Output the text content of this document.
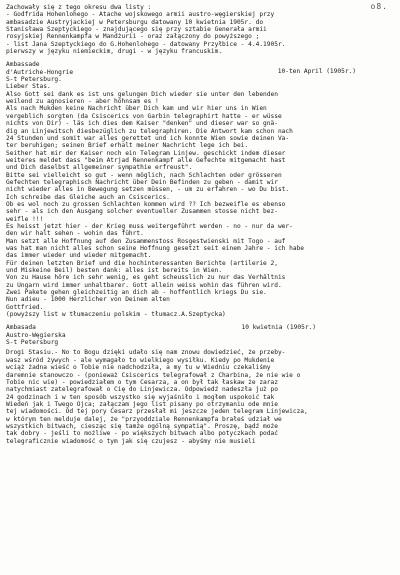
o8.
Zachowały się z tego okresu dwa listy :
- Godfrida Hohenlohego - Atache wojskowego armii austro-węgierskiej przy
ambasadzie Austryjackiej w Petersburgu datowany 10 kwietnia 1905r. do
Stanisława Szeptyckiego - znajdującego się przy sztabie Generała armii
rosyjskiej Rennenkampfa w Mandżurii - oraz załączony do powyższego ;
- list Jana Szeptyckiego do G.Hohenlohego - datowany Przyłbice - 4.4.1905r.
pierwszy w języku niemieckim, drugi - w języku francuskim.
Ambassade
d'Autriche-Hongrie
S-t Petersburg.
10-ten April (1905r.)
Lieber Stas.
Also Gott sei dank es ist uns gelungen Dich wieder sie unter den lebenden
weilend zu agnosieren - aber höhnsam es !
Als nach Mukden keine Nachricht über Dich kam und wir hier uns in Wien
vergeblich sorgten (da Csiscerics von Garbin telegraphirt hatte - er wüsse
nichts von Dir) - läs ich dies dem Kaiser "denken" und dieser war so gnä-
dig an Linjewitsch diesbezüglich zu telegraphiren. Die Antwort kam schon nach
24 Stunden und somit war alles gerettet und ich konnte Wien sowie deinen Va-
ter beruhigen; seinen Brief erhalt meiner Nachricht lege ich bei.
Seither hat mir der Kaiser noch ein Telegram Linjew. geschickt indem dieser
weiteres meldet dass "beim Atrjad Rennenkampf alle Gefechte mitgemacht hast
und Dich daselbst allgemeiner sympathie erfreust".
Bitte sei vielleicht so gut - wenn möglich, nach Schlachten oder grösseren
Gefechten telegraphisch Nachricht über Dein Befinden zu geben - damit wir
nicht wieder alles in Bewegung setzen müssen, - um zu erfahren - wo Du bist.
Ich schreibe das Gleiche auch an Csiscerics.
Ob es wol noch zu grossen Schlachten kommen wird ?? Ich bezweifle es ebenso
sehr - als ich den Ausgang solcher eventueller Zusammen stosse nicht bez-
weifle !!!
Es heisst jetzt hier - der Krieg muss weitergeführt werden - no - nur da wer-
den wir halt sehen - wohin das führt.
Man setzt alle Hoffnung auf den Zusammenstoss Rosgestwienski mit Togo - auf
was hat man nicht alles schon seine Hoffnung gesetzt seit einem Jahre - ich habe
das immer wieder und wieder mitgemacht.
Für deinen letzten Brief und die hochinteressanten Berichte (artilerie 2,
und Miskeine Beil) besten dank: alles ist bereits in Wien.
Von zu Hause höre ich sehr wenig, es geht scheusslich zu nur das Verhältnis
zu Ungarn wird immer unhaltbarer. Gott allein weiss wohin das führen wird.
Zwei Pakete gehen gleichzeitig an dich ab - hoffentlich kriegs Du sie.
Nun adieu - 1000 Herzlicher von Deinem alten
Gottfried.
(powyższy list w tłumaczeniu polskim - tłumacz.A.Szeptycka)
Ambasada
Austro-Węgierska
S-t Petersburg
10 kwietnia (1905r.)
Drogi Stasiu.- No to Bogu dzięki udało się nam znowu dowiedzieć, że przeby-
wasz wśród żywych - ale wymagało to wielkiego wysiłku. Kiedy po Mukdenie
wciąż żadna wieść o Tobie nie nadchodziła, a my tu w Wiedniu czekaliśmy
daremnie stanowczo - (ponieważ Csiscerics telegrafował z Charbina, że nie wie o
Tobie nic wie) - powiedziałem o tym Cesarza, a on był tak łaskaw że zaraz
natychmiast zatelegrafował o Cię do Linjewicza. Odpowiedź nadeszła już po
24 godzinach i w ten sposób wszystko się wyjaśniło i mogłem uspokoić tak
Wiedeń jak i Twego Ojca; załączam jego list pisany po otrzymaniu ode mnie
tej wiadomości. Od tej pory Cesarz przesłał mi jeszcze jeden telegram Linjewicza,
w którym ten melduje dalej, że "przyoddziale Rennenkampfa brałeś udział we
wszystkich bitwach, ciesząc się tamże ogólną sympatią". Proszę, bądź może
tak dobry - jeśli to możliwe - po większych bitwach albo potyczkach podać
telegraficznie wiadomość o tym jak się czujesz - abyśmy nie musieli
